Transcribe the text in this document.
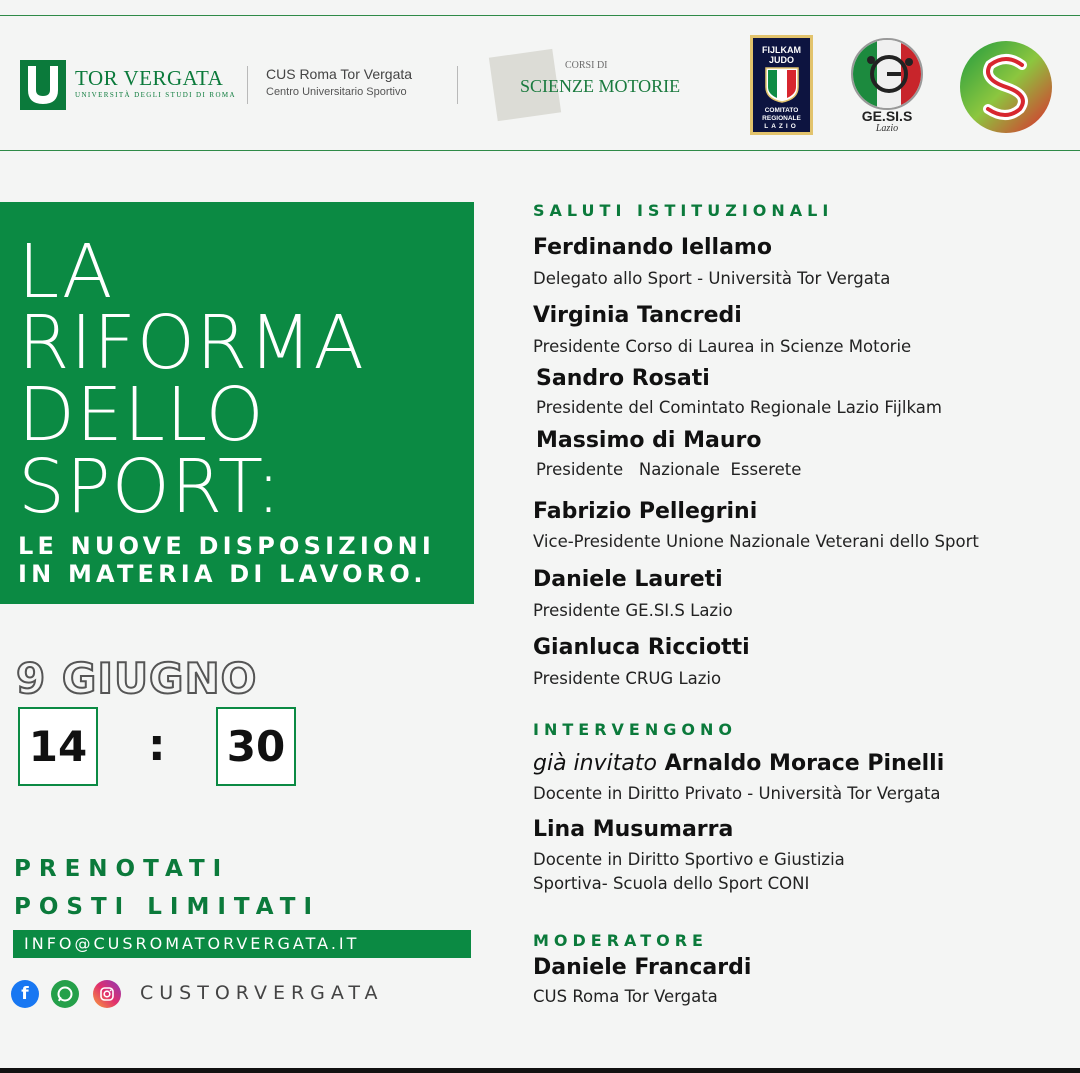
TOR VERGATA
UNIVERSITÀ DEGLI STUDI DI ROMA
CUS Roma Tor Vergata
Centro Universitario Sportivo
CORSI DI
SCIENZE MOTORIE
FIJLKAM
JUDO
COMITATO
REGIONALE
LAZIO
GE.SI.S
Lazio
LA
RIFORMA
DELLO
SPORT:
LE NUOVE DISPOSIZIONI
IN MATERIA DI LAVORO.
9 GIUGNO
14 : 30
PRENOTATI
POSTI LIMITATI
INFO@CUSROMATORVERGATA.IT
f	CUSTORVERGATA
SALUTI ISTITUZIONALI
Ferdinando Iellamo
Delegato allo Sport - Università Tor Vergata
Virginia Tancredi
Presidente Corso di Laurea in Scienze Motorie
Sandro Rosati
Presidente del Comintato Regionale Lazio Fijlkam
Massimo di Mauro
Presidente   Nazionale  Esserete
Fabrizio Pellegrini
Vice-Presidente Unione Nazionale Veterani dello Sport
Daniele Laureti
Presidente GE.SI.S Lazio
Gianluca Ricciotti
Presidente CRUG Lazio
INTERVENGONO
già invitato Arnaldo Morace Pinelli
Docente in Diritto Privato - Università Tor Vergata
Lina Musumarra
Docente in Diritto Sportivo e Giustizia
Sportiva- Scuola dello Sport CONI
MODERATORE
Daniele Francardi
CUS Roma Tor Vergata
